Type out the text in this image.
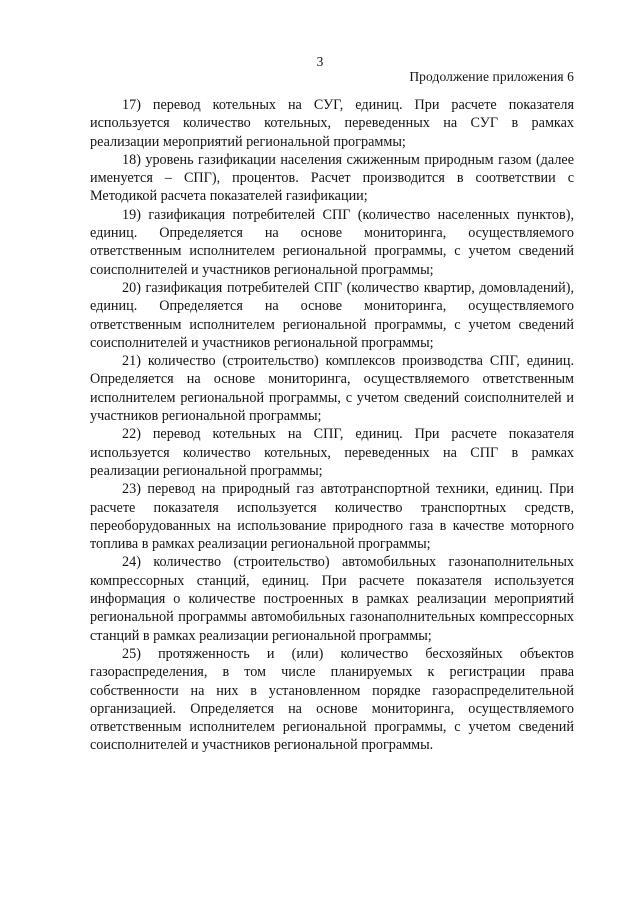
3
Продолжение приложения 6

17) перевод котельных на СУГ, единиц. При расчете показателя используется количество котельных, переведенных на СУГ в рамках реализации мероприятий региональной программы;

18) уровень газификации населения сжиженным природным газом (далее именуется – СПГ), процентов. Расчет производится в соответствии с Методикой расчета показателей газификации;

19) газификация потребителей СПГ (количество населенных пунктов), единиц. Определяется на основе мониторинга, осуществляемого ответственным исполнителем региональной программы, с учетом сведений соисполнителей и участников региональной программы;

20) газификация потребителей СПГ (количество квартир, домовладений), единиц. Определяется на основе мониторинга, осуществляемого ответственным исполнителем региональной программы, с учетом сведений соисполнителей и участников региональной программы;

21) количество (строительство) комплексов производства СПГ, единиц. Определяется на основе мониторинга, осуществляемого ответственным исполнителем региональной программы, с учетом сведений соисполнителей и участников региональной программы;

22) перевод котельных на СПГ, единиц. При расчете показателя используется количество котельных, переведенных на СПГ в рамках реализации региональной программы;

23) перевод на природный газ автотранспортной техники, единиц. При расчете показателя используется количество транспортных средств, переоборудованных на использование природного газа в качестве моторного топлива в рамках реализации региональной программы;

24) количество (строительство) автомобильных газонаполнительных компрессорных станций, единиц. При расчете показателя используется информация о количестве построенных в рамках реализации мероприятий региональной программы автомобильных газонаполнительных компрессорных станций в рамках реализации региональной программы;

25) протяженность и (или) количество бесхозяйных объектов газораспределения, в том числе планируемых к регистрации права собственности на них в установленном порядке газораспределительной организацией. Определяется на основе мониторинга, осуществляемого ответственным исполнителем региональной программы, с учетом сведений соисполнителей и участников региональной программы.
